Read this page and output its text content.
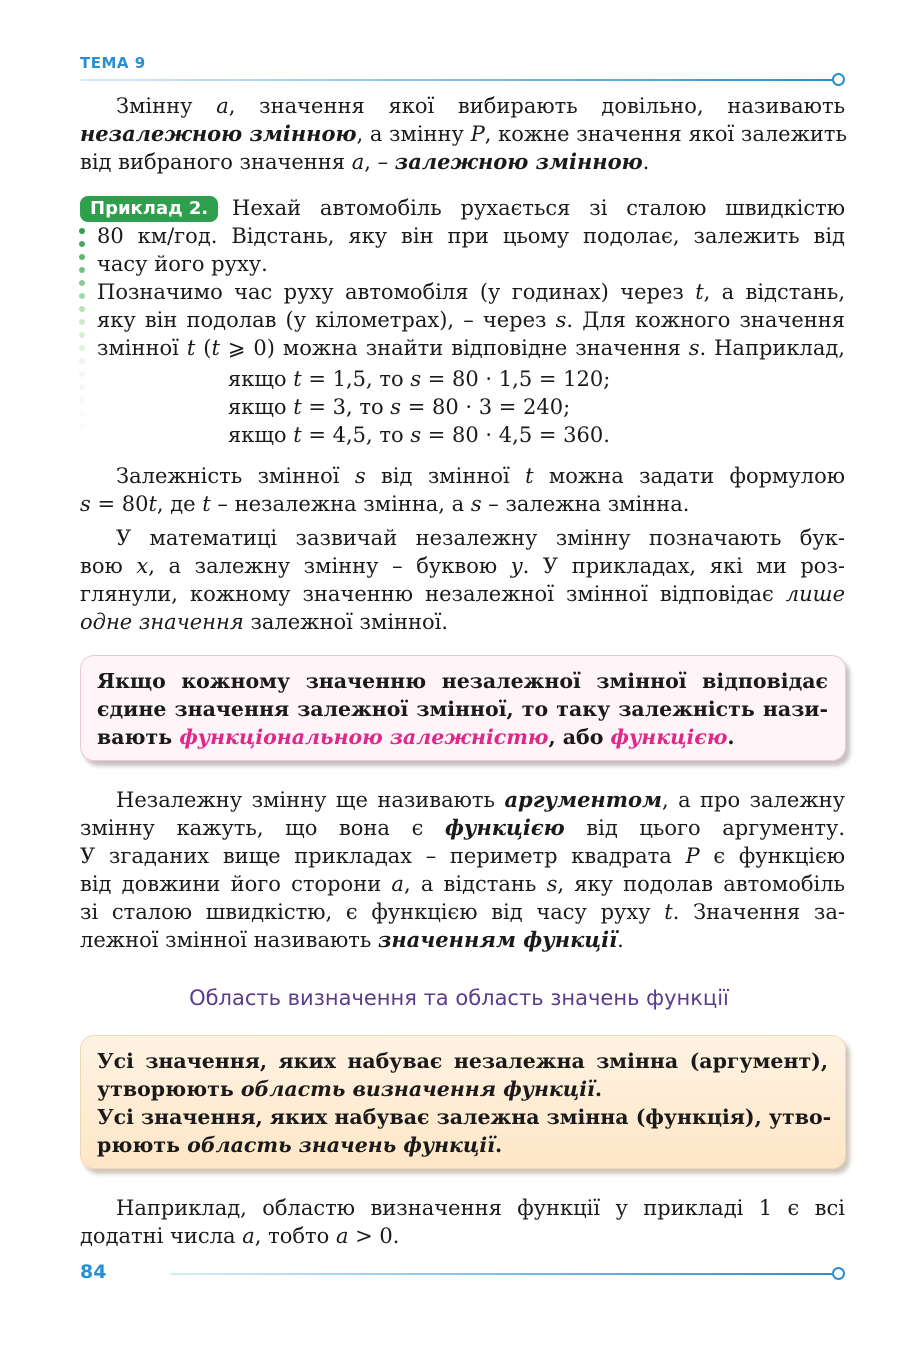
ТЕМА 9
Змінну a, значення якої вибирають довільно, називають
незалежною змінною, а змінну P, кожне значення якої залежить
від вибраного значення a, – залежною змінною.
Приклад 2.	Нехай автомобіль рухається зі сталою швидкістю
80 км/год. Відстань, яку він при цьому подолає, залежить від
часу його руху.
Позначимо час руху автомобіля (у годинах) через t, а відстань,
яку він подолав (у кілометрах), – через s. Для кожного значення
змінної t (t ⩾ 0) можна знайти відповідне значення s. Наприклад,
якщо t = 1,5, то s = 80 · 1,5 = 120;
якщо t = 3, то s = 80 · 3 = 240;
якщо t = 4,5, то s = 80 · 4,5 = 360.
Залежність змінної s від змінної t можна задати формулою
s = 80t, де t – незалежна змінна, а s – залежна змінна.
У математиці зазвичай незалежну змінну позначають бук-
вою x, а залежну змінну – буквою y. У прикладах, які ми роз-
глянули, кожному значенню незалежної змінної відповідає лише
одне значення залежної змінної.
Якщо кожному значенню незалежної змінної відповідає
єдине значення залежної змінної, то таку залежність нази-
вають функціональною залежністю, або функцією.
Незалежну змінну ще називають аргументом, а про залежну
змінну кажуть, що вона є функцією від цього аргументу.
У згаданих вище прикладах – периметр квадрата P є функцією
від довжини його сторони a, а відстань s, яку подолав автомобіль
зі сталою швидкістю, є функцією від часу руху t. Значення за-
лежної змінної називають значенням функції.
Область визначення та область значень функції
Усі значення, яких набуває незалежна змінна (аргумент),
утворюють область визначення функції.
Усі значення, яких набуває залежна змінна (функція), утво-
рюють область значень функції.
Наприклад, областю визначення функції у прикладі 1 є всі
додатні числа a, тобто a > 0.
84
